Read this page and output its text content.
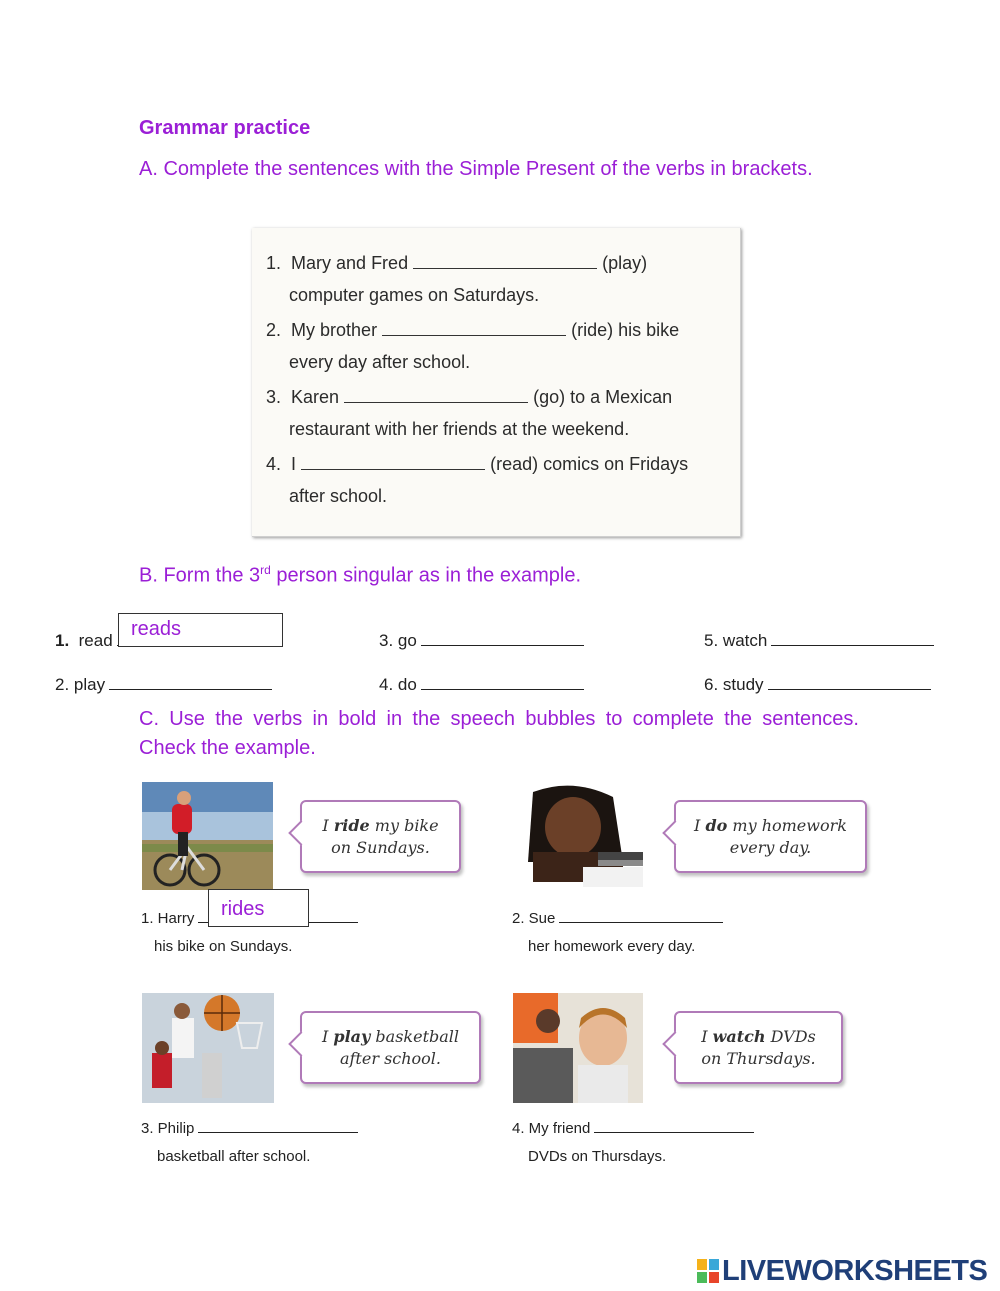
Grammar practice
A. Complete the sentences with the Simple Present of the verbs in brackets.
1. Mary and Fred	(play)
computer games on Saturdays.
2. My brother	(ride) his bike
every day after school.
3. Karen	(go) to a Mexican
restaurant with her friends at the weekend.
4. I	(read) comics on Fridays
after school.
B. Form the 3rd person singular as in the example.
1. read
reads
2. play
3. go
4. do
5. watch
6. study
C. Use the verbs in bold in the speech bubbles to complete the sentences. Check the example.
I ride my bike
on Sundays.
1. Harry	rides
his bike on Sundays.
I do my homework
every day.
2. Sue
her homework every day.
I play basketball
after school.
3. Philip
basketball after school.
I watch DVDs
on Thursdays.
4. My friend
DVDs on Thursdays.
LIVEWORKSHEETS
